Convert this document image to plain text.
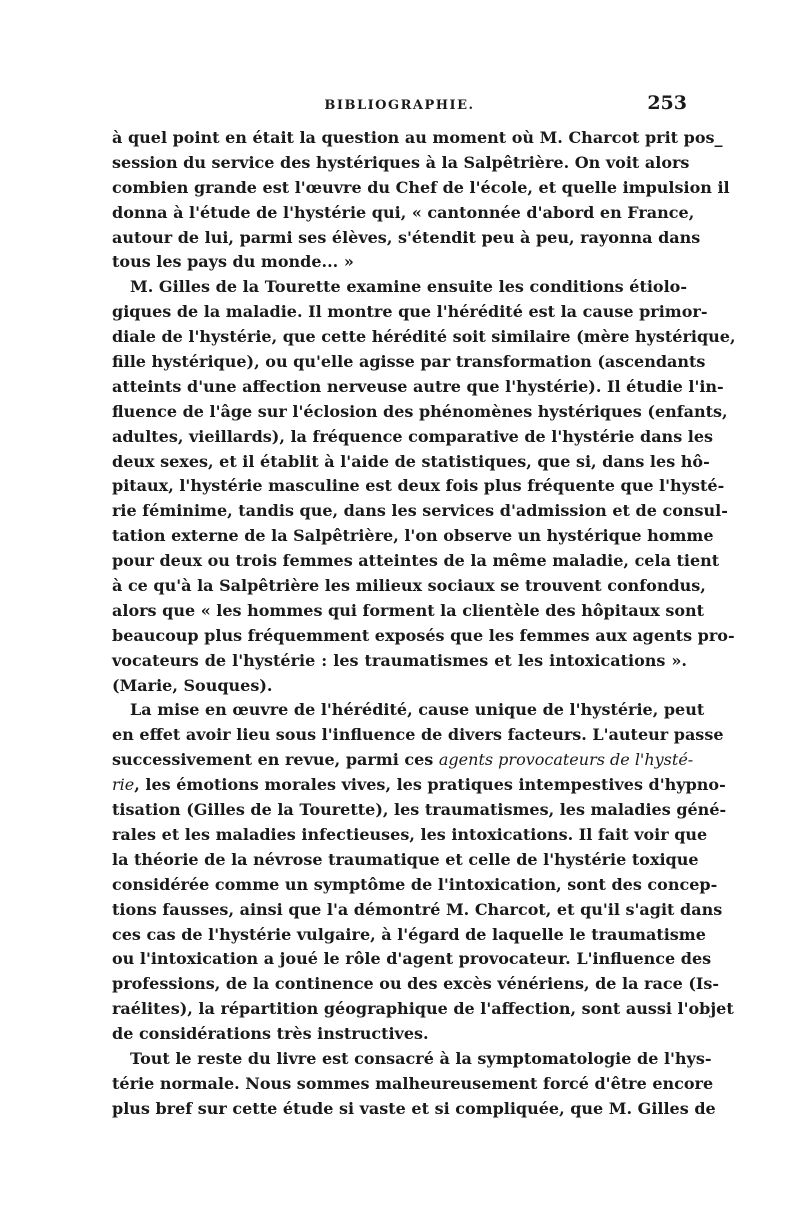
BIBLIOGRAPHIE.	253
à quel point en était la question au moment où M. Charcot prit pos_
session du service des hystériques à la Salpêtrière. On voit alors
combien grande est l'œuvre du Chef de l'école, et quelle impulsion il
donna à l'étude de l'hystérie qui, « cantonnée d'abord en France,
autour de lui, parmi ses élèves, s'étendit peu à peu, rayonna dans
tous les pays du monde... »
M. Gilles de la Tourette examine ensuite les conditions étiolo-
giques de la maladie. Il montre que l'hérédité est la cause primor-
diale de l'hystérie, que cette hérédité soit similaire (mère hystérique,
fille hystérique), ou qu'elle agisse par transformation (ascendants
atteints d'une affection nerveuse autre que l'hystérie). Il étudie l'in-
fluence de l'âge sur l'éclosion des phénomènes hystériques (enfants,
adultes, vieillards), la fréquence comparative de l'hystérie dans les
deux sexes, et il établit à l'aide de statistiques, que si, dans les hô-
pitaux, l'hystérie masculine est deux fois plus fréquente que l'hysté-
rie féminime, tandis que, dans les services d'admission et de consul-
tation externe de la Salpêtrière, l'on observe un hystérique homme
pour deux ou trois femmes atteintes de la même maladie, cela tient
à ce qu'à la Salpêtrière les milieux sociaux se trouvent confondus,
alors que « les hommes qui forment la clientèle des hôpitaux sont
beaucoup plus fréquemment exposés que les femmes aux agents pro-
vocateurs de l'hystérie : les traumatismes et les intoxications ».
(Marie, Souques).
La mise en œuvre de l'hérédité, cause unique de l'hystérie, peut
en effet avoir lieu sous l'influence de divers facteurs. L'auteur passe
successivement en revue, parmi ces agents provocateurs de l'hysté-
rie, les émotions morales vives, les pratiques intempestives d'hypno-
tisation (Gilles de la Tourette), les traumatismes, les maladies géné-
rales et les maladies infectieuses, les intoxications. Il fait voir que
la théorie de la névrose traumatique et celle de l'hystérie toxique
considérée comme un symptôme de l'intoxication, sont des concep-
tions fausses, ainsi que l'a démontré M. Charcot, et qu'il s'agit dans
ces cas de l'hystérie vulgaire, à l'égard de laquelle le traumatisme
ou l'intoxication a joué le rôle d'agent provocateur. L'influence des
professions, de la continence ou des excès vénériens, de la race (Is-
raélites), la répartition géographique de l'affection, sont aussi l'objet
de considérations très instructives.
Tout le reste du livre est consacré à la symptomatologie de l'hys-
térie normale. Nous sommes malheureusement forcé d'être encore
plus bref sur cette étude si vaste et si compliquée, que M. Gilles de
